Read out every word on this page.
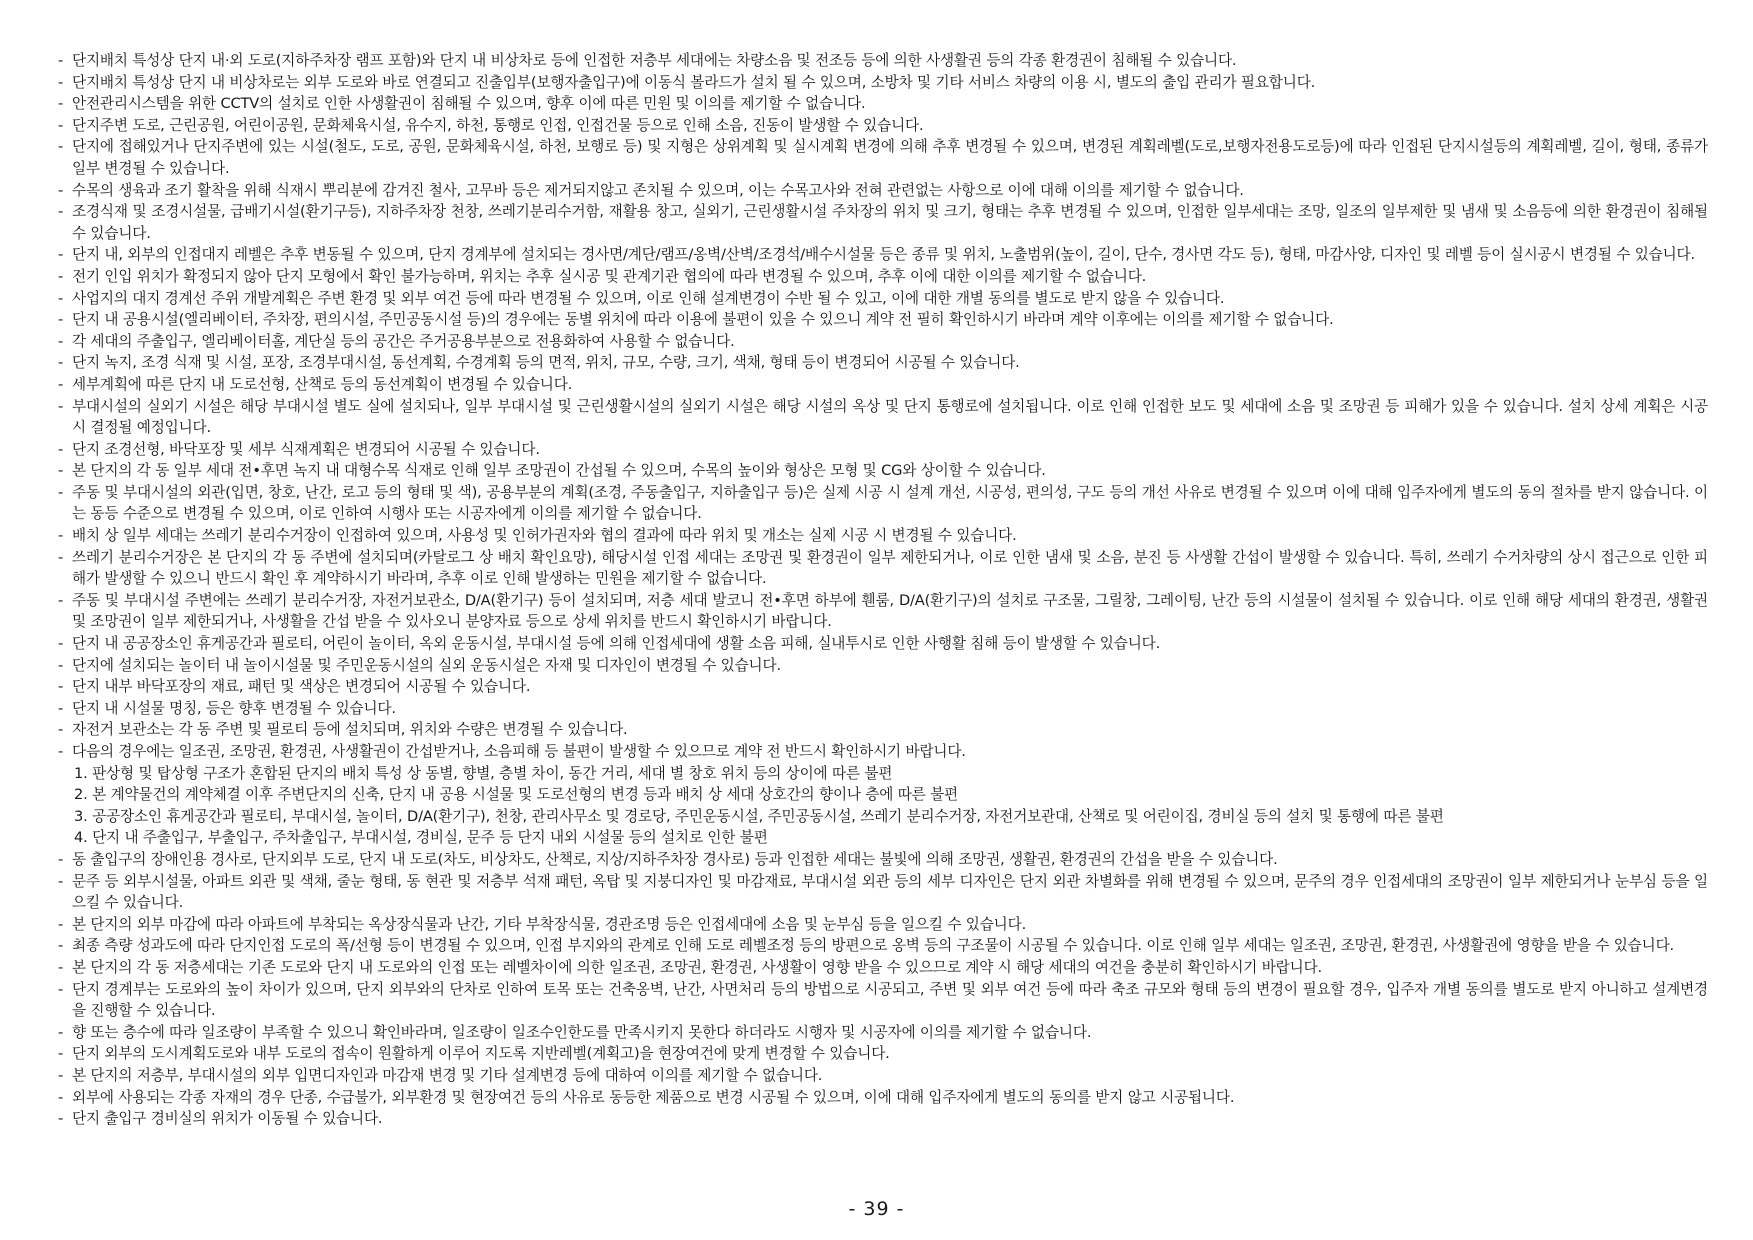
- 단지배치 특성상 단지 내·외 도로(지하주차장 램프 포함)와 단지 내 비상차로 등에 인접한 저층부 세대에는 차량소음 및 전조등 등에 의한 사생활권 등의 각종 환경권이 침해될 수 있습니다.
- 단지배치 특성상 단지 내 비상차로는 외부 도로와 바로 연결되고 진출입부(보행자출입구)에 이동식 볼라드가 설치 될 수 있으며, 소방차 및 기타 서비스 차량의 이용 시, 별도의 출입 관리가 필요합니다.
- 안전관리시스템을 위한 CCTV의 설치로 인한 사생활권이 침해될 수 있으며, 향후 이에 따른 민원 및 이의를 제기할 수 없습니다.
- 단지주변 도로, 근린공원, 어린이공원, 문화체육시설, 유수지, 하천, 통행로 인접, 인접건물 등으로 인해 소음, 진동이 발생할 수 있습니다.
- 단지에 접해있거나 단지주변에 있는 시설(철도, 도로, 공원, 문화체육시설, 하천, 보행로 등) 및 지형은 상위계획 및 실시계획 변경에 의해 추후 변경될 수 있으며, 변경된 계획레벨(도로,보행자전용도로등)에 따라 인접된 단지시설등의 계획레벨, 길이, 형태, 종류가 일부 변경될 수 있습니다.
- 수목의 생육과 조기 활착을 위해 식재시 뿌리분에 감겨진 철사, 고무바 등은 제거되지않고 존치될 수 있으며, 이는 수목고사와 전혀 관련없는 사항으로 이에 대해 이의를 제기할 수 없습니다.
- 조경식재 및 조경시설물, 급배기시설(환기구등), 지하주차장 천창, 쓰레기분리수거함, 재활용 창고, 실외기, 근린생활시설 주차장의 위치 및 크기, 형태는 추후 변경될 수 있으며, 인접한 일부세대는 조망, 일조의 일부제한 및 냄새 및 소음등에 의한 환경권이 침해될 수 있습니다.
- 단지 내, 외부의 인접대지 레벨은 추후 변동될 수 있으며, 단지 경계부에 설치되는 경사면/계단/램프/옹벽/산벽/조경석/배수시설물 등은 종류 및 위치, 노출범위(높이, 길이, 단수, 경사면 각도 등), 형태, 마감사양, 디자인 및 레벨 등이 실시공시 변경될 수 있습니다.
- 전기 인입 위치가 확정되지 않아 단지 모형에서 확인 불가능하며, 위치는 추후 실시공 및 관계기관 협의에 따라 변경될 수 있으며, 추후 이에 대한 이의를 제기할 수 없습니다.
- 사업지의 대지 경계선 주위 개발계획은 주변 환경 및 외부 여건 등에 따라 변경될 수 있으며, 이로 인해 설계변경이 수반 될 수 있고, 이에 대한 개별 동의를 별도로 받지 않을 수 있습니다.
- 단지 내 공용시설(엘리베이터, 주차장, 편의시설, 주민공동시설 등)의 경우에는 동별 위치에 따라 이용에 불편이 있을 수 있으니 계약 전 필히 확인하시기 바라며 계약 이후에는 이의를 제기할 수 없습니다.
- 각 세대의 주출입구, 엘리베이터홀, 계단실 등의 공간은 주거공용부분으로 전용화하여 사용할 수 없습니다.
- 단지 녹지, 조경 식재 및 시설, 포장, 조경부대시설, 동선계획, 수경계획 등의 면적, 위치, 규모, 수량, 크기, 색채, 형태 등이 변경되어 시공될 수 있습니다.
- 세부계획에 따른 단지 내 도로선형, 산책로 등의 동선계획이 변경될 수 있습니다.
- 부대시설의 실외기 시설은 해당 부대시설 별도 실에 설치되나, 일부 부대시설 및 근린생활시설의 실외기 시설은 해당 시설의 옥상 및 단지 통행로에 설치됩니다. 이로 인해 인접한 보도 및 세대에 소음 및 조망권 등 피해가 있을 수 있습니다. 설치 상세 계획은 시공 시 결정될 예정입니다.
- 단지 조경선형, 바닥포장 및 세부 식재계획은 변경되어 시공될 수 있습니다.
- 본 단지의 각 동 일부 세대 전•후면 녹지 내 대형수목 식재로 인해 일부 조망권이 간섭될 수 있으며, 수목의 높이와 형상은 모형 및 CG와 상이할 수 있습니다.
- 주동 및 부대시설의 외관(입면, 창호, 난간, 로고 등의 형태 및 색), 공용부분의 계획(조경, 주동출입구, 지하출입구 등)은 실제 시공 시 설계 개선, 시공성, 편의성, 구도 등의 개선 사유로 변경될 수 있으며 이에 대해 입주자에게 별도의 동의 절차를 받지 않습니다. 이는 동등 수준으로 변경될 수 있으며, 이로 인하여 시행사 또는 시공자에게 이의를 제기할 수 없습니다.
- 배치 상 일부 세대는 쓰레기 분리수거장이 인접하여 있으며, 사용성 및 인허가권자와 협의 결과에 따라 위치 및 개소는 실제 시공 시 변경될 수 있습니다.
- 쓰레기 분리수거장은 본 단지의 각 동 주변에 설치되며(카탈로그 상 배치 확인요망), 해당시설 인접 세대는 조망권 및 환경권이 일부 제한되거나, 이로 인한 냄새 및 소음, 분진 등 사생활 간섭이 발생할 수 있습니다. 특히, 쓰레기 수거차량의 상시 접근으로 인한 피해가 발생할 수 있으니 반드시 확인 후 계약하시기 바라며, 추후 이로 인해 발생하는 민원을 제기할 수 없습니다.
- 주동 및 부대시설 주변에는 쓰레기 분리수거장, 자전거보관소, D/A(환기구) 등이 설치되며, 저층 세대 발코니 전•후면 하부에 휀룸, D/A(환기구)의 설치로 구조물, 그릴창, 그레이팅, 난간 등의 시설물이 설치될 수 있습니다. 이로 인해 해당 세대의 환경권, 생활권 및 조망권이 일부 제한되거나, 사생활을 간섭 받을 수 있사오니 분양자료 등으로 상세 위치를 반드시 확인하시기 바랍니다.
- 단지 내 공공장소인 휴게공간과 필로티, 어린이 놀이터, 옥외 운동시설, 부대시설 등에 의해 인접세대에 생활 소음 피해, 실내투시로 인한 사행활 침해 등이 발생할 수 있습니다.
- 단지에 설치되는 놀이터 내 놀이시설물 및 주민운동시설의 실외 운동시설은 자재 및 디자인이 변경될 수 있습니다.
- 단지 내부 바닥포장의 재료, 패턴 및 색상은 변경되어 시공될 수 있습니다.
- 단지 내 시설물 명칭, 등은 향후 변경될 수 있습니다.
- 자전거 보관소는 각 동 주변 및 필로티 등에 설치되며, 위치와 수량은 변경될 수 있습니다.
- 다음의 경우에는 일조권, 조망권, 환경권, 사생활권이 간섭받거나, 소음피해 등 불편이 발생할 수 있으므로 계약 전 반드시 확인하시기 바랍니다.
1. 판상형 및 탑상형 구조가 혼합된 단지의 배치 특성 상 동별, 향별, 층별 차이, 동간 거리, 세대 별 창호 위치 등의 상이에 따른 불편
2. 본 계약물건의 계약체결 이후 주변단지의 신축, 단지 내 공용 시설물 및 도로선형의 변경 등과 배치 상 세대 상호간의 향이나 층에 따른 불편
3. 공공장소인 휴게공간과 필로티, 부대시설, 놀이터, D/A(환기구), 천창, 관리사무소 및 경로당, 주민운동시설, 주민공동시설, 쓰레기 분리수거장, 자전거보관대, 산책로 및 어린이집, 경비실 등의 설치 및 통행에 따른 불편
4. 단지 내 주출입구, 부출입구, 주차출입구, 부대시설, 경비실, 문주 등 단지 내외 시설물 등의 설치로 인한 불편
- 동 출입구의 장애인용 경사로, 단지외부 도로, 단지 내 도로(차도, 비상차도, 산책로, 지상/지하주차장 경사로) 등과 인접한 세대는 불빛에 의해 조망권, 생활권, 환경권의 간섭을 받을 수 있습니다.
- 문주 등 외부시설물, 아파트 외관 및 색채, 줄눈 형태, 동 현관 및 저층부 석재 패턴, 옥탑 및 지붕디자인 및 마감재료, 부대시설 외관 등의 세부 디자인은 단지 외관 차별화를 위해 변경될 수 있으며, 문주의 경우 인접세대의 조망권이 일부 제한되거나 눈부심 등을 일으킬 수 있습니다.
- 본 단지의 외부 마감에 따라 아파트에 부착되는 옥상장식물과 난간, 기타 부착장식물, 경관조명 등은 인접세대에 소음 및 눈부심 등을 일으킬 수 있습니다.
- 최종 측량 성과도에 따라 단지인접 도로의 폭/선형 등이 변경될 수 있으며, 인접 부지와의 관계로 인해 도로 레벨조정 등의 방편으로 옹벽 등의 구조물이 시공될 수 있습니다. 이로 인해 일부 세대는 일조권, 조망권, 환경권, 사생활권에 영향을 받을 수 있습니다.
- 본 단지의 각 동 저층세대는 기존 도로와 단지 내 도로와의 인접 또는 레벨차이에 의한 일조권, 조망권, 환경권, 사생활이 영향 받을 수 있으므로 계약 시 해당 세대의 여건을 충분히 확인하시기 바랍니다.
- 단지 경계부는 도로와의 높이 차이가 있으며, 단지 외부와의 단차로 인하여 토목 또는 건축옹벽, 난간, 사면처리 등의 방법으로 시공되고, 주변 및 외부 여건 등에 따라 축조 규모와 형태 등의 변경이 필요할 경우, 입주자 개별 동의를 별도로 받지 아니하고 설계변경을 진행할 수 있습니다.
- 향 또는 층수에 따라 일조량이 부족할 수 있으니 확인바라며, 일조량이 일조수인한도를 만족시키지 못한다 하더라도 시행자 및 시공자에 이의를 제기할 수 없습니다.
- 단지 외부의 도시계획도로와 내부 도로의 접속이 원활하게 이루어 지도록 지반레벨(계획고)을 현장여건에 맞게 변경할 수 있습니다.
- 본 단지의 저층부, 부대시설의 외부 입면디자인과 마감재 변경 및 기타 설계변경 등에 대하여 이의를 제기할 수 없습니다.
- 외부에 사용되는 각종 자재의 경우 단종, 수급불가, 외부환경 및 현장여건 등의 사유로 동등한 제품으로 변경 시공될 수 있으며, 이에 대해 입주자에게 별도의 동의를 받지 않고 시공됩니다.
- 단지 출입구 경비실의 위치가 이동될 수 있습니다.
- 39 -
